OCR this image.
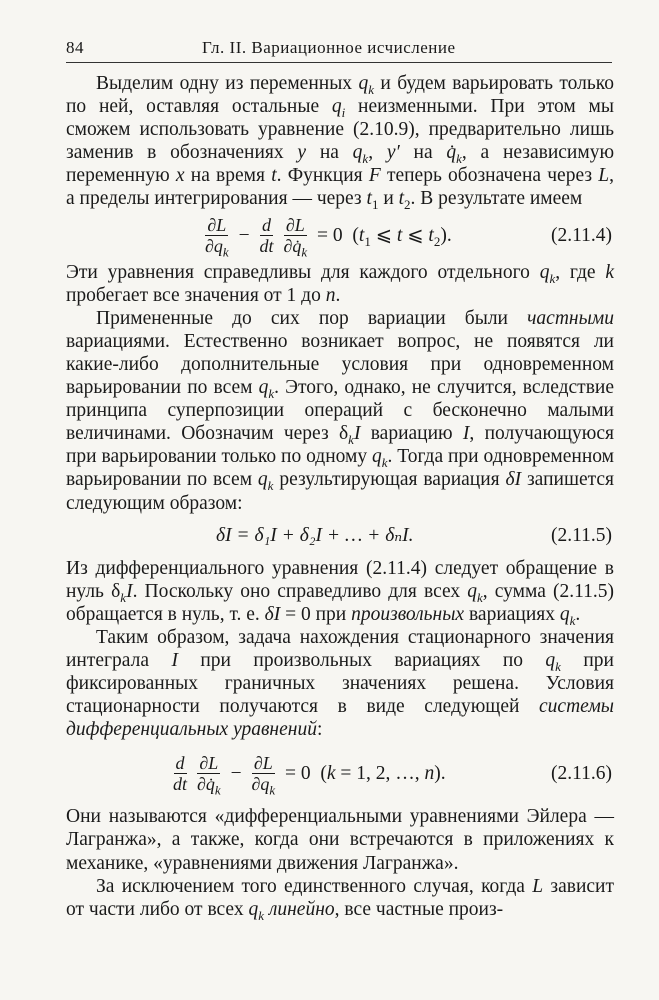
84	Гл. II. Вариационное исчисление

Выделим одну из переменных $q_k$ и будем варьировать только по ней, оставляя остальные $q_i$ неизменными. При этом мы сможем использовать уравнение (2.10.9), предварительно лишь заменив в обозначениях y на $q_k$, y′ на $q̇_k$, а независимую переменную x на время t. Функция F теперь обозначена через L, а пределы интегрирования — через $t_1$ и $t_2$. В результате имеем

$\frac{\partial L}{\partial q_k} - \frac{d}{dt} \frac{\partial L}{\partial q̇_k} = 0$  ($t_1$ ⩽ t ⩽ $t_2$).	(2.11.4)

Эти уравнения справедливы для каждого отдельного $q_k$, где k пробегает все значения от 1 до n.

Примененные до сих пор вариации были частными вариациями. Естественно возникает вопрос, не появятся ли какие-либо дополнительные условия при одновременном варьировании по всем $q_k$. Этого, однако, не случится, вследствие принципа суперпозиции операций с бесконечно малыми величинами. Обозначим через $\delta_kI$ вариацию I, получающуюся при варьировании только по одному $q_k$. Тогда при одновременном варьировании по всем $q_k$ результирующая вариация δI запишется следующим образом:

δI = δ₁I + δ₂I + … + δₙI.	(2.11.5)

Из дифференциального уравнения (2.11.4) следует обращение в нуль $\delta_kI$. Поскольку оно справедливо для всех $q_k$, сумма (2.11.5) обращается в нуль, т. е. δI = 0 при произвольных вариациях $q_k$.

Таким образом, задача нахождения стационарного значения интеграла I при произвольных вариациях по $q_k$ при фиксированных граничных значениях решена. Условия стационарности получаются в виде следующей системы дифференциальных уравнений:

$\frac{d}{dt} \frac{\partial L}{\partial q̇_k} - \frac{\partial L}{\partial q_k} = 0$  (k = 1, 2, …, n).	(2.11.6)

Они называются «дифференциальными уравнениями Эйлера — Лагранжа», а также, когда они встречаются в приложениях к механике, «уравнениями движения Лагранжа».

За исключением того единственного случая, когда L зависит от части либо от всех $q_k$ линейно, все частные произ-
